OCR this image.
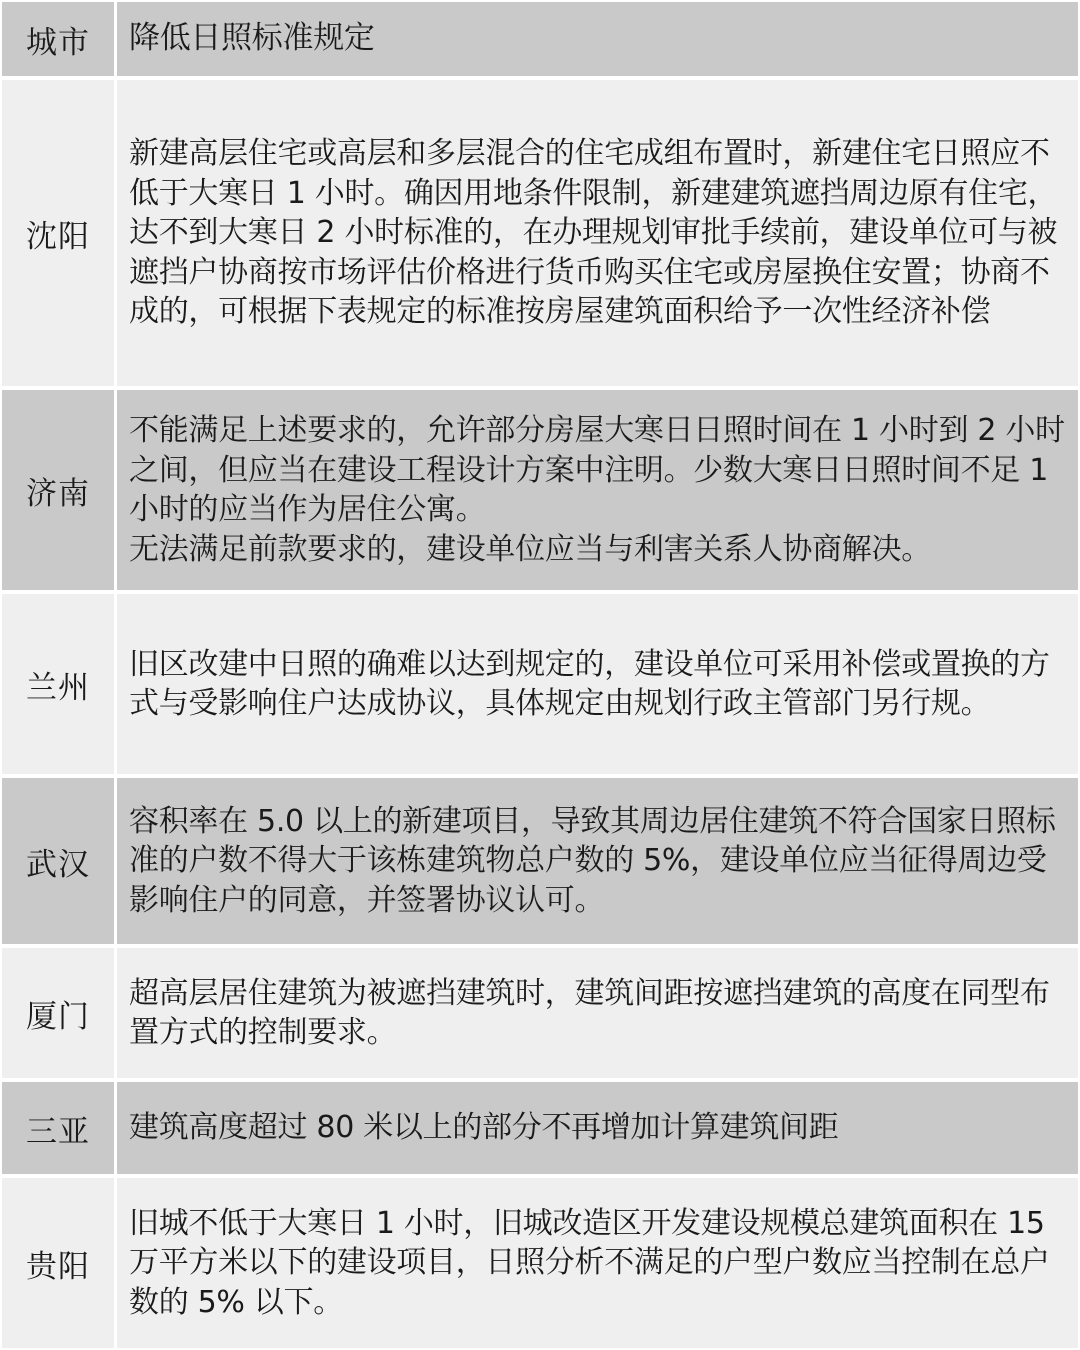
城市 降低日照标准规定
沈阳
新建高层住宅或高层和多层混合的住宅成组布置时，新建住宅日照应不低于大寒日 1 小时。确因用地条件限制，新建建筑遮挡周边原有住宅，达不到大寒日 2 小时标准的，在办理规划审批手续前，建设单位可与被遮挡户协商按市场评估价格进行货币购买住宅或房屋换住安置；协商不成的，可根据下表规定的标准按房屋建筑面积给予一次性经济补偿
济南
不能满足上述要求的，允许部分房屋大寒日日照时间在 1 小时到 2 小时之间，但应当在建设工程设计方案中注明。少数大寒日日照时间不足 1 小时的应当作为居住公寓。
无法满足前款要求的，建设单位应当与利害关系人协商解决。
兰州
旧区改建中日照的确难以达到规定的，建设单位可采用补偿或置换的方式与受影响住户达成协议，具体规定由规划行政主管部门另行规。
武汉
容积率在 5.0 以上的新建项目，导致其周边居住建筑不符合国家日照标准的户数不得大于该栋建筑物总户数的 5%，建设单位应当征得周边受影响住户的同意，并签署协议认可。
厦门
超高层居住建筑为被遮挡建筑时，建筑间距按遮挡建筑的高度在同型布置方式的控制要求。
三亚 建筑高度超过 80 米以上的部分不再增加计算建筑间距
贵阳
旧城不低于大寒日 1 小时，旧城改造区开发建设规模总建筑面积在 15 万平方米以下的建设项目，日照分析不满足的户型户数应当控制在总户数的 5% 以下。
